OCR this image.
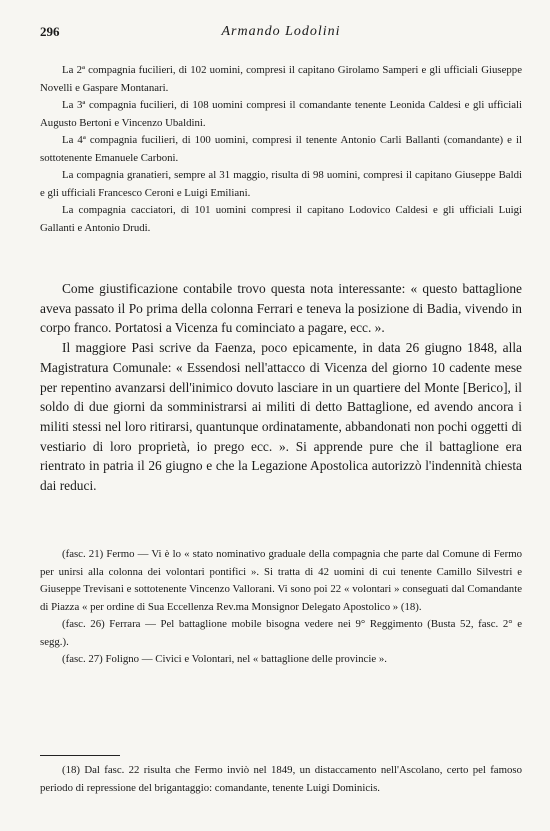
296	Armando Lodolini

La 2ª compagnia fucilieri, di 102 uomini, compresi il capitano Girolamo Samperi e gli ufficiali Giuseppe Novelli e Gaspare Montanari.

La 3ª compagnia fucilieri, di 108 uomini compresi il comandante tenente Leonida Caldesi e gli ufficiali Augusto Bertoni e Vincenzo Ubaldini.

La 4ª compagnia fucilieri, di 100 uomini, compresi il tenente Antonio Carli Ballanti (comandante) e il sottotenente Emanuele Carboni.

La compagnia granatieri, sempre al 31 maggio, risulta di 98 uomini, compresi il capitano Giuseppe Baldi e gli ufficiali Francesco Ceroni e Luigi Emiliani.

La compagnia cacciatori, di 101 uomini compresi il capitano Lodovico Caldesi e gli ufficiali Luigi Gallanti e Antonio Drudi.

Come giustificazione contabile trovo questa nota interessante: « questo battaglione aveva passato il Po prima della colonna Ferrari e teneva la posizione di Badia, vivendo in corpo franco. Portatosi a Vicenza fu cominciato a pagare, ecc. ».

Il maggiore Pasi scrive da Faenza, poco epicamente, in data 26 giugno 1848, alla Magistratura Comunale: « Essendosi nell'attacco di Vicenza del giorno 10 cadente mese per repentino avanzarsi dell'inimico dovuto lasciare in un quartiere del Monte [Berico], il soldo di due giorni da somministrarsi ai militi di detto Battaglione, ed avendo ancora i militi stessi nel loro ritirarsi, quantunque ordinatamente, abbandonati non pochi oggetti di vestiario di loro proprietà, io prego ecc. ». Si apprende pure che il battaglione era rientrato in patria il 26 giugno e che la Legazione Apostolica autorizzò l'indennità chiesta dai reduci.

(fasc. 21) Fermo — Vi è lo « stato nominativo graduale della compagnia che parte dal Comune di Fermo per unirsi alla colonna dei volontari pontifici ». Si tratta di 42 uomini di cui tenente Camillo Silvestri e Giuseppe Trevisani e sottotenente Vincenzo Vallorani. Vi sono poi 22 « volontari » conseguati dal Comandante di Piazza « per ordine di Sua Eccellenza Rev.ma Monsignor Delegato Apostolico » (18).

(fasc. 26) Ferrara — Pel battaglione mobile bisogna vedere nei 9° Reggimento (Busta 52, fasc. 2° e segg.).

(fasc. 27) Foligno — Civici e Volontari, nel « battaglione delle provincie ».

(18) Dal fasc. 22 risulta che Fermo inviò nel 1849, un distaccamento nell'Ascolano, certo pel famoso periodo di repressione del brigantaggio: comandante, tenente Luigi Dominicis.
